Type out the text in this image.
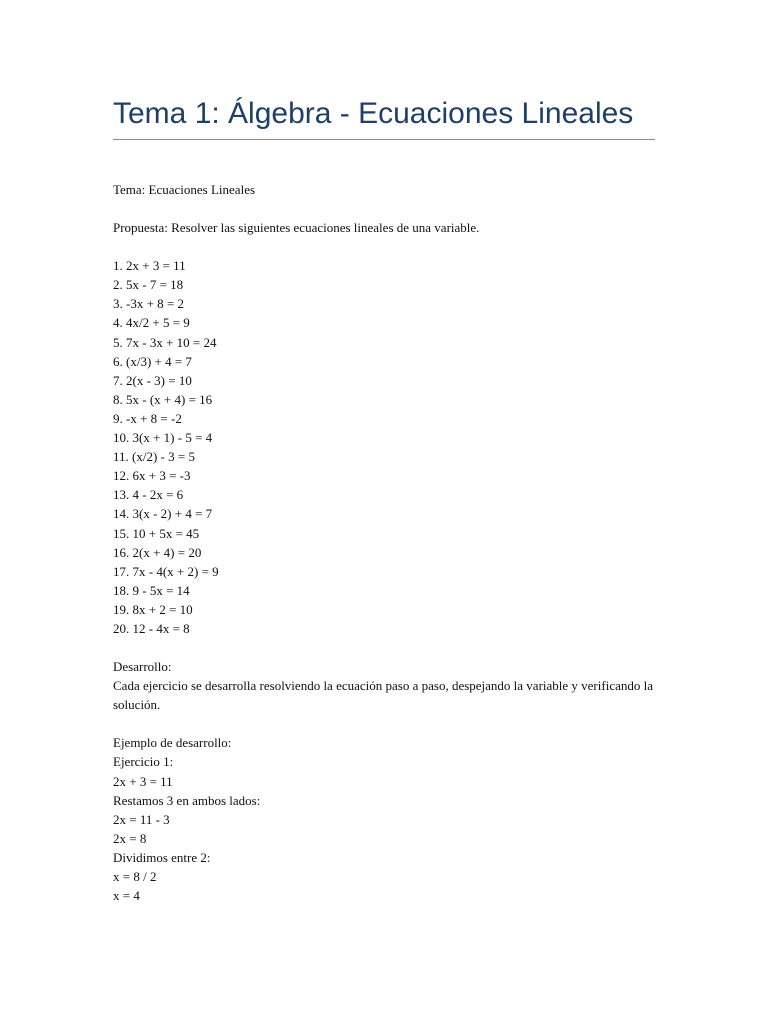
Tema 1: Álgebra - Ecuaciones Lineales

Tema: Ecuaciones Lineales

Propuesta: Resolver las siguientes ecuaciones lineales de una variable.

1. 2x + 3 = 11
2. 5x - 7 = 18
3. -3x + 8 = 2
4. 4x/2 + 5 = 9
5. 7x - 3x + 10 = 24
6. (x/3) + 4 = 7
7. 2(x - 3) = 10
8. 5x - (x + 4) = 16
9. -x + 8 = -2
10. 3(x + 1) - 5 = 4
11. (x/2) - 3 = 5
12. 6x + 3 = -3
13. 4 - 2x = 6
14. 3(x - 2) + 4 = 7
15. 10 + 5x = 45
16. 2(x + 4) = 20
17. 7x - 4(x + 2) = 9
18. 9 - 5x = 14
19. 8x + 2 = 10
20. 12 - 4x = 8

Desarrollo:

Cada ejercicio se desarrolla resolviendo la ecuación paso a paso, despejando la variable y verificando la solución.

Ejemplo de desarrollo:

Ejercicio 1:

2x + 3 = 11

Restamos 3 en ambos lados:

2x = 11 - 3

2x = 8

Dividimos entre 2:

x = 8 / 2

x = 4
